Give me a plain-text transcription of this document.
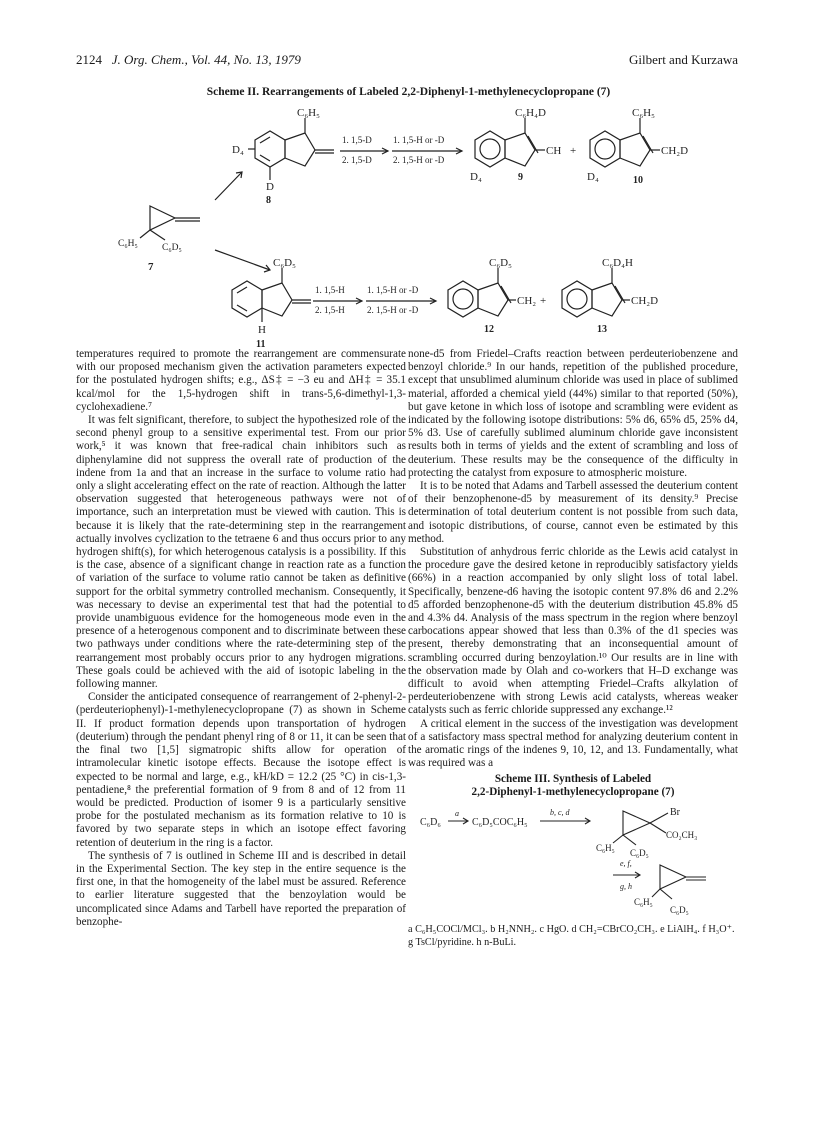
2124 J. Org. Chem., Vol. 44, No. 13, 1979	Gilbert and Kurzawa
Scheme II. Rearrangements of Labeled 2,2-Diphenyl-1-methylenecyclopropane (7)
C₆H₅	C₆D₅
7
C₆H₅
D₄
D
8
1. 1,5-D
2. 1,5-D
1. 1,5-H or -D
2. 1,5-H or -D
C₆H₄D
CH
D₄	9
+
C₆H₅
CH₂D
D₄	10
C₆D₅
H
11
1. 1,5-H
2. 1,5-H
1. 1,5-H or -D
2. 1,5-H or -D
C₆D₅
CH₂ +
12
C₆D₄H
CH₂D
13

temperatures required to promote the rearrangement are commensurate with our proposed mechanism given the activation parameters expected for the postulated hydrogen shifts; e.g., ΔS‡ = −3 eu and ΔH‡ = 35.1 kcal/mol for the 1,5-hydrogen shift in trans-5,6-dimethyl-1,3-cyclohexadiene.⁷

It was felt significant, therefore, to subject the hypothesized role of the second phenyl group to a sensitive experimental test. From our prior work,⁵ it was known that free-radical chain inhibitors such as diphenylamine did not suppress the overall rate of production of the indene from 1a and that an increase in the surface to volume ratio had only a slight accelerating effect on the rate of reaction. Although the latter observation suggested that heterogeneous pathways were not of importance, such an interpretation must be viewed with caution. This is because it is likely that the rate-determining step in the rearrangement actually involves cyclization to the tetraene 6 and thus occurs prior to any hydrogen shift(s), for which heterogenous catalysis is a possibility. If this is the case, absence of a significant change in reaction rate as a function of variation of the surface to volume ratio cannot be taken as definitive support for the orbital symmetry controlled mechanism. Consequently, it was necessary to devise an experimental test that had the potential to provide unambiguous evidence for the homogeneous mode even in the presence of a heterogenous component and to discriminate between these two pathways under conditions where the rate-determining step of the rearrangement most probably occurs prior to any hydrogen migrations. These goals could be achieved with the aid of isotopic labeling in the following manner.

Consider the anticipated consequence of rearrangement of 2-phenyl-2-(perdeuteriophenyl)-1-methylenecyclopropane (7) as shown in Scheme II. If product formation depends upon transportation of hydrogen (deuterium) through the pendant phenyl ring of 8 or 11, it can be seen that the final two [1,5] sigmatropic shifts allow for operation of intramolecular kinetic isotope effects. Because the isotope effect is expected to be normal and large, e.g., kH/kD = 12.2 (25 °C) in cis-1,3-pentadiene,⁸ the preferential formation of 9 from 8 and of 12 from 11 would be predicted. Production of isomer 9 is a particularly sensitive probe for the postulated mechanism as its formation relative to 10 is favored by two separate steps in which an isotope effect favoring retention of deuterium in the ring is a factor.

The synthesis of 7 is outlined in Scheme III and is described in detail in the Experimental Section. The key step in the entire sequence is the first one, in that the homogeneity of the label must be assured. Reference to earlier literature suggested that the benzoylation would be uncomplicated since Adams and Tarbell have reported the preparation of benzophe-

none-d5 from Friedel–Crafts reaction between perdeuteriobenzene and benzoyl chloride.⁹ In our hands, repetition of the published procedure, except that unsublimed aluminum chloride was used in place of sublimed material, afforded a chemical yield (44%) similar to that reported (50%), but gave ketone in which loss of isotope and scrambling were evident as indicated by the following isotope distributions: 5% d6, 65% d5, 25% d4, 5% d3. Use of carefully sublimed aluminum chloride gave inconsistent results both in terms of yields and the extent of scrambling and loss of deuterium. These results may be the consequence of the difficulty in protecting the catalyst from exposure to atmospheric moisture.

It is to be noted that Adams and Tarbell assessed the deuterium content of their benzophenone-d5 by measurement of its density.⁹ Precise determination of total deuterium content is not possible from such data, and isotopic distributions, of course, cannot even be estimated by this method.

Substitution of anhydrous ferric chloride as the Lewis acid catalyst in the procedure gave the desired ketone in reproducibly satisfactory yields (66%) in a reaction accompanied by only slight loss of total label. Specifically, benzene-d6 having the isotopic content 97.8% d6 and 2.2% d5 afforded benzophenone-d5 with the deuterium distribution 45.8% d5 and 4.3% d4. Analysis of the mass spectrum in the region where benzoyl carbocations appear showed that less than 0.3% of the d1 species was present, thereby demonstrating that an inconsequential amount of scrambling occurred during benzoylation.¹⁰ Our results are in line with the observation made by Olah and co-workers that H–D exchange was difficult to avoid when attempting Friedel–Crafts alkylation of perdeuteriobenzene with strong Lewis acid catalysts, whereas weaker catalysts such as ferric chloride suppressed any exchange.¹²

A critical element in the success of the investigation was development of a satisfactory mass spectral method for analyzing deuterium content in the aromatic rings of the indenes 9, 10, 12, and 13. Fundamentally, what was required was a

Scheme III. Synthesis of Labeled
2,2-Diphenyl-1-methylenecyclopropane (7)
C₆D₆
a
C₆D₅COC₆H₅
b, c, d	Br
CO₂CH₃
C₆H₅ C₆D₅
e, f,
g, h
C₆H₅
C₆D₅
a C₆H₅COCl/MCl₃. b H₂NNH₂. c HgO. d CH₂=CBrCO₂CH₃. e LiAlH₄. f H₃O⁺. g TsCl/pyridine. h n-BuLi.
